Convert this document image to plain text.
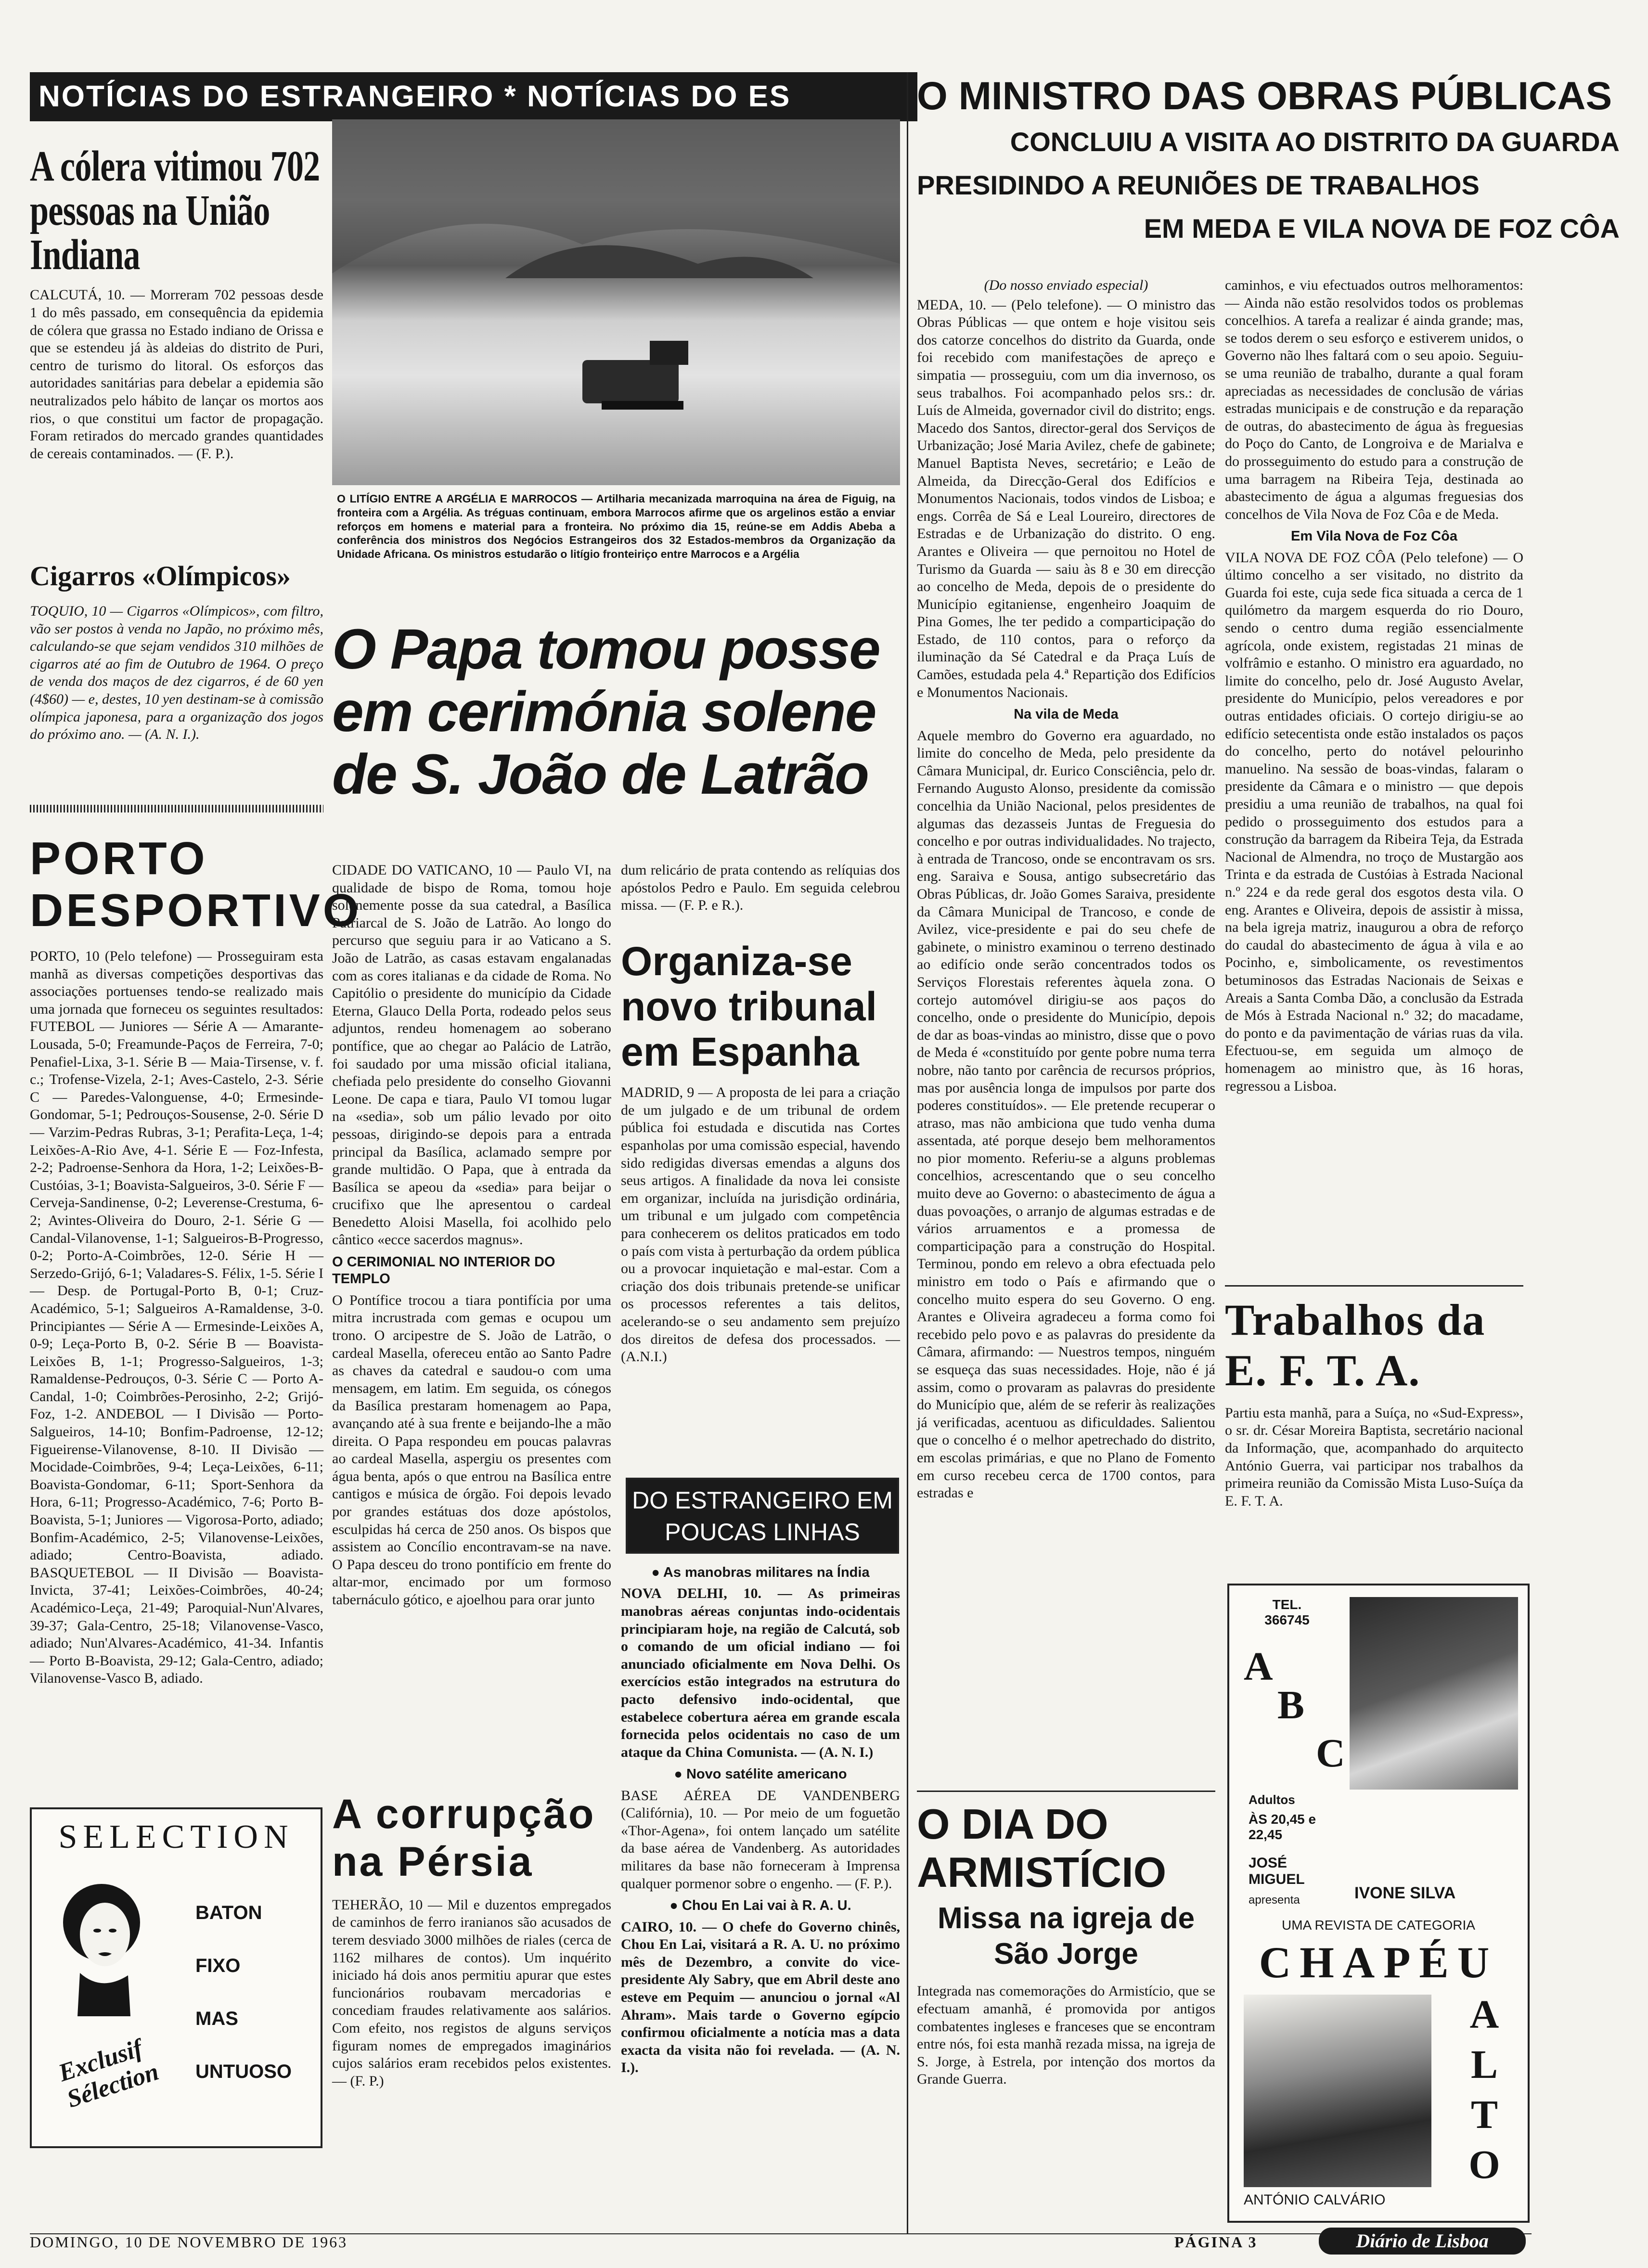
NOTÍCIAS DO ESTRANGEIRO * NOTÍCIAS DO ES
A cólera vitimou 702 pessoas na União Indiana
CALCUTÁ, 10. — Morreram 702 pessoas desde 1 do mês passado, em consequência da epidemia de cólera que grassa no Estado indiano de Orissa e que se estendeu já às aldeias do distrito de Puri, centro de turismo do litoral. Os esforços das autoridades sanitárias para debelar a epidemia são neutralizados pelo hábito de lançar os mortos aos rios, o que constitui um factor de propagação. Foram retirados do mercado grandes quantidades de cereais contaminados. — (F. P.).
Cigarros «Olímpicos»
TOQUIO, 10 — Cigarros «Olímpicos», com filtro, vão ser postos à venda no Japão, no próximo mês, calculando-se que sejam vendidos 310 milhões de cigarros até ao fim de Outubro de 1964. O preço de venda dos maços de dez cigarros, é de 60 yen (4$60) — e, destes, 10 yen destinam-se à comissão olímpica japonesa, para a organização dos jogos do próximo ano. — (A. N. I.).
PORTO DESPORTIVO
PORTO, 10 (Pelo telefone) — Prosseguiram esta manhã as diversas competições desportivas das associações portuenses tendo-se realizado mais uma jornada que forneceu os seguintes resultados: FUTEBOL — Juniores — Série A — Amarante-Lousada, 5-0; Freamunde-Paços de Ferreira, 7-0; Penafiel-Lixa, 3-1. Série B — Maia-Tirsense, v. f. c.; Trofense-Vizela, 2-1; Aves-Castelo, 2-3. Série C — Paredes-Valonguense, 4-0; Ermesinde-Gondomar, 5-1; Pedrouços-Sousense, 2-0. Série D — Varzim-Pedras Rubras, 3-1; Perafita-Leça, 1-4; Leixões-A-Rio Ave, 4-1. Série E — Foz-Infesta, 2-2; Padroense-Senhora da Hora, 1-2; Leixões-B-Custóias, 3-1; Boavista-Salgueiros, 3-0. Série F — Cerveja-Sandinense, 0-2; Leverense-Crestuma, 6-2; Avintes-Oliveira do Douro, 2-1. Série G — Candal-Vilanovense, 1-1; Salgueiros-B-Progresso, 0-2; Porto-A-Coimbrões, 12-0. Série H — Serzedo-Grijó, 6-1; Valadares-S. Félix, 1-5. Série I — Desp. de Portugal-Porto B, 0-1; Cruz-Académico, 5-1; Salgueiros A-Ramaldense, 3-0. Principiantes — Série A — Ermesinde-Leixões A, 0-9; Leça-Porto B, 0-2. Série B — Boavista-Leixões B, 1-1; Progresso-Salgueiros, 1-3; Ramaldense-Pedrouços, 0-3. Série C — Porto A-Candal, 1-0; Coimbrões-Perosinho, 2-2; Grijó-Foz, 1-2. ANDEBOL — I Divisão — Porto-Salgueiros, 14-10; Bonfim-Padroense, 12-12; Figueirense-Vilanovense, 8-10. II Divisão — Mocidade-Coimbrões, 9-4; Leça-Leixões, 6-11; Boavista-Gondomar, 6-11; Sport-Senhora da Hora, 6-11; Progresso-Académico, 7-6; Porto B-Boavista, 5-1; Juniores — Vigorosa-Porto, adiado; Bonfim-Académico, 2-5; Vilanovense-Leixões, adiado; Centro-Boavista, adiado. BASQUETEBOL — II Divisão — Boavista-Invicta, 37-41; Leixões-Coimbrões, 40-24; Académico-Leça, 21-49; Paroquial-Nun'Alvares, 39-37; Gala-Centro, 25-18; Vilanovense-Vasco, adiado; Nun'Alvares-Académico, 41-34. Infantis — Porto B-Boavista, 29-12; Gala-Centro, adiado; Vilanovense-Vasco B, adiado.
SELECTION
BATON
FIXO
MAS
UNTUOSO
Exclusif Sélection
O LITÍGIO ENTRE A ARGÉLIA E MARROCOS — Artilharia mecanizada marroquina na área de Figuig, na fronteira com a Argélia. As tréguas continuam, embora Marrocos afirme que os argelinos estão a enviar reforços em homens e material para a fronteira. No próximo dia 15, reúne-se em Addis Abeba a conferência dos ministros dos Negócios Estrangeiros dos 32 Estados-membros da Organização da Unidade Africana. Os ministros estudarão o litígio fronteiriço entre Marrocos e a Argélia
O Papa tomou posse em cerimónia solene de S. João de Latrão
CIDADE DO VATICANO, 10 — Paulo VI, na qualidade de bispo de Roma, tomou hoje solenemente posse da sua catedral, a Basílica Patriarcal de S. João de Latrão. Ao longo do percurso que seguiu para ir ao Vaticano a S. João de Latrão, as casas estavam engalanadas com as cores italianas e da cidade de Roma. No Capitólio o presidente do município da Cidade Eterna, Glauco Della Porta, rodeado pelos seus adjuntos, rendeu homenagem ao soberano pontífice, que ao chegar ao Palácio de Latrão, foi saudado por uma missão oficial italiana, chefiada pelo presidente do conselho Giovanni Leone. De capa e tiara, Paulo VI tomou lugar na «sedia», sob um pálio levado por oito pessoas, dirigindo-se depois para a entrada principal da Basílica, aclamado sempre por grande multidão. O Papa, que à entrada da Basílica se apeou da «sedia» para beijar o crucifixo que lhe apresentou o cardeal Benedetto Aloisi Masella, foi acolhido pelo cântico «ecce sacerdos magnus».
O CERIMONIAL NO INTERIOR DO TEMPLO
O Pontífice trocou a tiara pontifícia por uma mitra incrustrada com gemas e ocupou um trono. O arcipestre de S. João de Latrão, o cardeal Masella, ofereceu então ao Santo Padre as chaves da catedral e saudou-o com uma mensagem, em latim. Em seguida, os cónegos da Basílica prestaram homenagem ao Papa, avançando até à sua frente e beijando-lhe a mão direita. O Papa respondeu em poucas palavras ao cardeal Masella, aspergiu os presentes com água benta, após o que entrou na Basílica entre cantigos e música de órgão. Foi depois levado por grandes estátuas dos doze apóstolos, esculpidas há cerca de 250 anos. Os bispos que assistem ao Concílio encontravam-se na nave. O Papa desceu do trono pontifício em frente do altar-mor, encimado por um formoso tabernáculo gótico, e ajoelhou para orar junto
dum relicário de prata contendo as relíquias dos apóstolos Pedro e Paulo. Em seguida celebrou missa. — (F. P. e R.).
Organiza-se novo tribunal em Espanha
MADRID, 9 — A proposta de lei para a criação de um julgado e de um tribunal de ordem pública foi estudada e discutida nas Cortes espanholas por uma comissão especial, havendo sido redigidas diversas emendas a alguns dos seus artigos. A finalidade da nova lei consiste em organizar, incluída na jurisdição ordinária, um tribunal e um julgado com competência para conhecerem os delitos praticados em todo o país com vista à perturbação da ordem pública ou a provocar inquietação e mal-estar. Com a criação dos dois tribunais pretende-se unificar os processos referentes a tais delitos, acelerando-se o seu andamento sem prejuízo dos direitos de defesa dos processados. — (A.N.I.)
DO ESTRANGEIRO EM POUCAS LINHAS
● As manobras militares na Índia
NOVA DELHI, 10. — As primeiras manobras aéreas conjuntas indo-ocidentais principiaram hoje, na região de Calcutá, sob o comando de um oficial indiano — foi anunciado oficialmente em Nova Delhi. Os exercícios estão integrados na estrutura do pacto defensivo indo-ocidental, que estabelece cobertura aérea em grande escala fornecida pelos ocidentais no caso de um ataque da China Comunista. — (A. N. I.)
● Novo satélite americano
BASE AÉREA DE VANDENBERG (Califórnia), 10. — Por meio de um foguetão «Thor-Agena», foi ontem lançado um satélite da base aérea de Vandenberg. As autoridades militares da base não forneceram à Imprensa qualquer pormenor sobre o engenho. — (F. P.).
● Chou En Lai vai à R. A. U.
CAIRO, 10. — O chefe do Governo chinês, Chou En Lai, visitará a R. A. U. no próximo mês de Dezembro, a convite do vice-presidente Aly Sabry, que em Abril deste ano esteve em Pequim — anunciou o jornal «Al Ahram». Mais tarde o Governo egípcio confirmou oficialmente a notícia mas a data exacta da visita não foi revelada. — (A. N. I.).
A corrupção na Pérsia
TEHERÃO, 10 — Mil e duzentos empregados de caminhos de ferro iranianos são acusados de terem desviado 3000 milhões de riales (cerca de 1162 milhares de contos). Um inquérito iniciado há dois anos permitiu apurar que estes funcionários roubavam mercadorias e concediam fraudes relativamente aos salários. Com efeito, nos registos de alguns serviços figuram nomes de empregados imaginários cujos salários eram recebidos pelos existentes. — (F. P.)
O MINISTRO DAS OBRAS PÚBLICAS
CONCLUIU A VISITA AO DISTRITO DA GUARDA
PRESIDINDO A REUNIÕES DE TRABALHOS
EM MEDA E VILA NOVA DE FOZ CÔA
(Do nosso enviado especial)
MEDA, 10. — (Pelo telefone). — O ministro das Obras Públicas — que ontem e hoje visitou seis dos catorze concelhos do distrito da Guarda, onde foi recebido com manifestações de apreço e simpatia — prosseguiu, com um dia invernoso, os seus trabalhos. Foi acompanhado pelos srs.: dr. Luís de Almeida, governador civil do distrito; engs. Macedo dos Santos, director-geral dos Serviços de Urbanização; José Maria Avilez, chefe de gabinete; Manuel Baptista Neves, secretário; e Leão de Almeida, da Direcção-Geral dos Edifícios e Monumentos Nacionais, todos vindos de Lisboa; e engs. Corrêa de Sá e Leal Loureiro, directores de Estradas e de Urbanização do distrito. O eng. Arantes e Oliveira — que pernoitou no Hotel de Turismo da Guarda — saiu às 8 e 30 em direcção ao concelho de Meda, depois de o presidente do Município egitaniense, engenheiro Joaquim de Pina Gomes, lhe ter pedido a comparticipação do Estado, de 110 contos, para o reforço da iluminação da Sé Catedral e da Praça Luís de Camões, estudada pela 4.ª Repartição dos Edifícios e Monumentos Nacionais.
Na vila de Meda
Aquele membro do Governo era aguardado, no limite do concelho de Meda, pelo presidente da Câmara Municipal, dr. Eurico Consciência, pelo dr. Fernando Augusto Alonso, presidente da comissão concelhia da União Nacional, pelos presidentes de algumas das dezasseis Juntas de Freguesia do concelho e por outras individualidades. No trajecto, à entrada de Trancoso, onde se encontravam os srs. eng. Saraiva e Sousa, antigo subsecretário das Obras Públicas, dr. João Gomes Saraiva, presidente da Câmara Municipal de Trancoso, e conde de Avilez, vice-presidente e pai do seu chefe de gabinete, o ministro examinou o terreno destinado ao edifício onde serão concentrados todos os Serviços Florestais referentes àquela zona. O cortejo automóvel dirigiu-se aos paços do concelho, onde o presidente do Município, depois de dar as boas-vindas ao ministro, disse que o povo de Meda é «constituído por gente pobre numa terra nobre, não tanto por carência de recursos próprios, mas por ausência longa de impulsos por parte dos poderes constituídos». — Ele pretende recuperar o atraso, mas não ambiciona que tudo venha duma assentada, até porque desejo bem melhoramentos no pior momento. Referiu-se a alguns problemas concelhios, acrescentando que o seu concelho muito deve ao Governo: o abastecimento de água a duas povoações, o arranjo de algumas estradas e de vários arruamentos e a promessa de comparticipação para a construção do Hospital. Terminou, pondo em relevo a obra efectuada pelo ministro em todo o País e afirmando que o concelho muito espera do seu Governo. O eng. Arantes e Oliveira agradeceu a forma como foi recebido pelo povo e as palavras do presidente da Câmara, afirmando: — Nuestros tempos, ninguém se esqueça das suas necessidades. Hoje, não é já assim, como o provaram as palavras do presidente do Município que, além de se referir às realizações já verificadas, acentuou as dificuldades. Salientou que o concelho é o melhor apetrechado do distrito, em escolas primárias, e que no Plano de Fomento em curso recebeu cerca de 1700 contos, para estradas e
caminhos, e viu efectuados outros melhoramentos: — Ainda não estão resolvidos todos os problemas concelhios. A tarefa a realizar é ainda grande; mas, se todos derem o seu esforço e estiverem unidos, o Governo não lhes faltará com o seu apoio. Seguiu-se uma reunião de trabalho, durante a qual foram apreciadas as necessidades de conclusão de várias estradas municipais e de construção e da reparação de outras, do abastecimento de água às freguesias do Poço do Canto, de Longroiva e de Marialva e do prosseguimento do estudo para a construção de uma barragem na Ribeira Teja, destinada ao abastecimento de água a algumas freguesias dos concelhos de Vila Nova de Foz Côa e de Meda.
Em Vila Nova de Foz Côa
VILA NOVA DE FOZ CÔA (Pelo telefone) — O último concelho a ser visitado, no distrito da Guarda foi este, cuja sede fica situada a cerca de 1 quilómetro da margem esquerda do rio Douro, sendo o centro duma região essencialmente agrícola, onde existem, registadas 21 minas de volfrâmio e estanho. O ministro era aguardado, no limite do concelho, pelo dr. José Augusto Avelar, presidente do Município, pelos vereadores e por outras entidades oficiais. O cortejo dirigiu-se ao edifício setecentista onde estão instalados os paços do concelho, perto do notável pelourinho manuelino. Na sessão de boas-vindas, falaram o presidente da Câmara e o ministro — que depois presidiu a uma reunião de trabalhos, na qual foi pedido o prosseguimento dos estudos para a construção da barragem da Ribeira Teja, da Estrada Nacional de Almendra, no troço de Mustargão aos Trinta e da estrada de Custóias à Estrada Nacional n.º 224 e da rede geral dos esgotos desta vila. O eng. Arantes e Oliveira, depois de assistir à missa, na bela igreja matriz, inaugurou a obra de reforço do caudal do abastecimento de água à vila e ao Pocinho, e, simbolicamente, os revestimentos betuminosos das Estradas Nacionais de Seixas e Areais a Santa Comba Dão, a conclusão da Estrada de Mós à Estrada Nacional n.º 32; do macadame, do ponto e da pavimentação de várias ruas da vila. Efectuou-se, em seguida um almoço de homenagem ao ministro que, às 16 horas, regressou a Lisboa.
Trabalhos da E. F. T. A.
Partiu esta manhã, para a Suíça, no «Sud-Express», o sr. dr. César Moreira Baptista, secretário nacional da Informação, que, acompanhado do arquitecto António Guerra, vai participar nos trabalhos da primeira reunião da Comissão Mista Luso-Suíça da E. F. T. A.
O DIA DO ARMISTÍCIO
Missa na igreja de São Jorge
Integrada nas comemorações do Armistício, que se efectuam amanhã, é promovida por antigos combatentes ingleses e franceses que se encontram entre nós, foi esta manhã rezada missa, na igreja de S. Jorge, à Estrela, por intenção dos mortos da Grande Guerra.
TEL. 366745
A
B
C
Adultos
ÀS 20,45 e 22,45
JOSÉ MIGUEL
apresenta	IVONE SILVA
UMA REVISTA DE CATEGORIA
CHAPÉU
A
L
T
O
ANTÓNIO CALVÁRIO
DOMINGO, 10 DE NOVEMBRO DE 1963	PÁGINA 3	Diário de Lisboa
